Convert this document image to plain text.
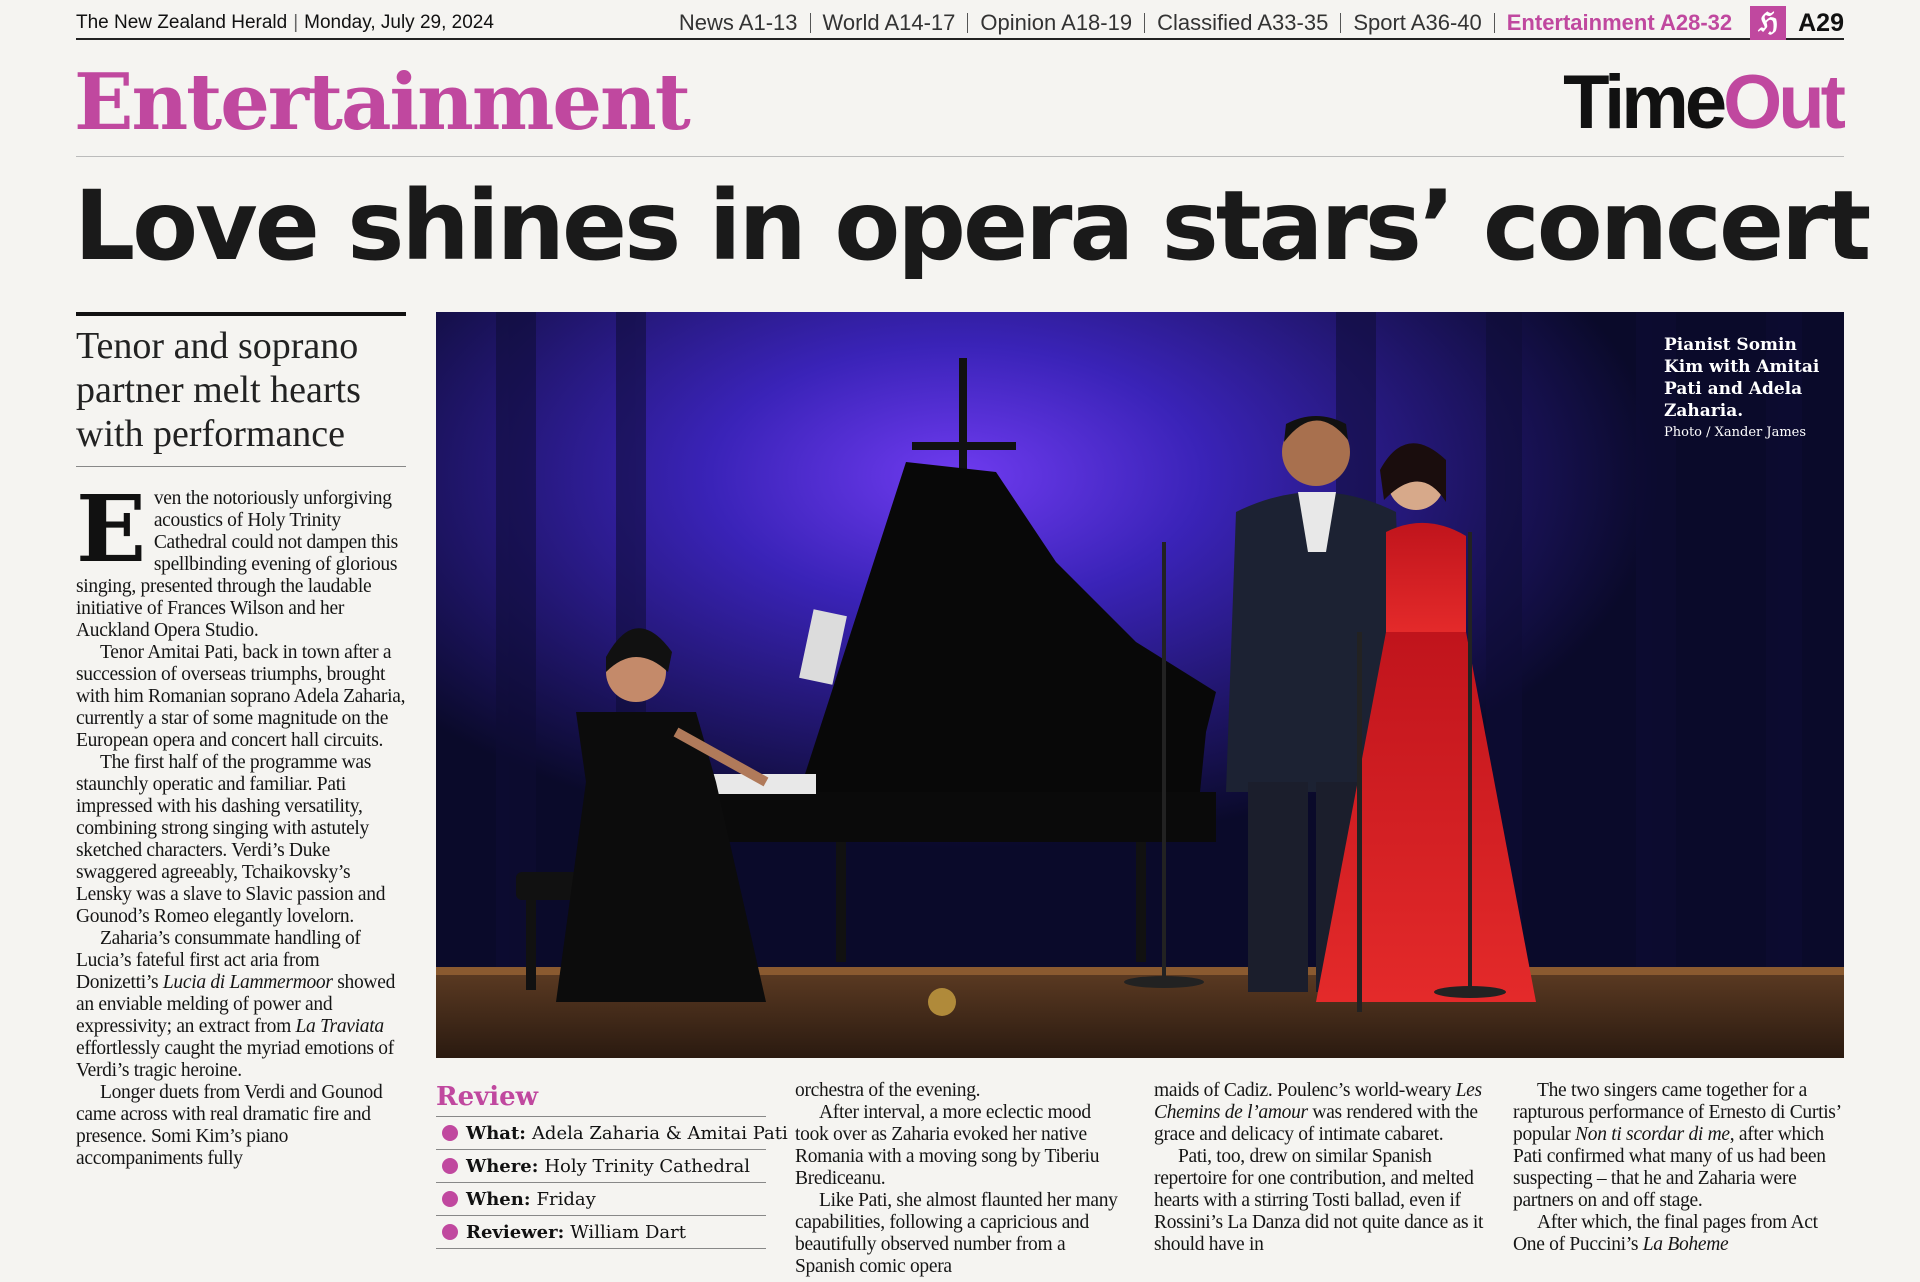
The New Zealand Herald | Monday, July 29, 2024	News A1-13	World A14-17	Opinion A18-19	Classified A33-35	Sport A36-40	Entertainment A28-32	ℌ A29
Entertainment	TimeOut
Love shines in opera stars’ concert
Tenor and soprano partner melt hearts with performance

Even the notoriously unforgiving acoustics of Holy Trinity Cathedral could not dampen this spellbinding evening of glorious singing, presented through the laudable initiative of Frances Wilson and her Auckland Opera Studio.

Tenor Amitai Pati, back in town after a succession of overseas triumphs, brought with him Romanian soprano Adela Zaharia, currently a star of some magnitude on the European opera and concert hall circuits.

The first half of the programme was staunchly operatic and familiar. Pati impressed with his dashing versatility, combining strong singing with astutely sketched characters. Verdi’s Duke swaggered agreeably, Tchaikovsky’s Lensky was a slave to Slavic passion and Gounod’s Romeo elegantly lovelorn.

Zaharia’s consummate handling of Lucia’s fateful first act aria from Donizetti’s Lucia di Lammermoor showed an enviable melding of power and expressivity; an extract from La Traviata effortlessly caught the myriad emotions of Verdi’s tragic heroine.

Longer duets from Verdi and Gounod came across with real dramatic fire and presence. Somi Kim’s piano accompaniments fully

Pianist Somin Kim with Amitai Pati and Adela Zaharia.
Photo / Xander James
Review
What: Adela Zaharia & Amitai Pati
Where: Holy Trinity Cathedral
When: Friday
Reviewer: William Dart

orchestra of the evening.

After interval, a more eclectic mood took over as Zaharia evoked her native Romania with a moving song by Tiberiu Brediceanu.

Like Pati, she almost flaunted her many capabilities, following a capricious and beautifully observed number from a Spanish comic opera

maids of Cadiz. Poulenc’s world-weary Les Chemins de l’amour was rendered with the grace and delicacy of intimate cabaret.

Pati, too, drew on similar Spanish repertoire for one contribution, and melted hearts with a stirring Tosti ballad, even if Rossini’s La Danza did not quite dance as it should have in

The two singers came together for a rapturous performance of Ernesto di Curtis’ popular Non ti scordar di me, after which Pati confirmed what many of us had been suspecting – that he and Zaharia were partners on and off stage.

After which, the final pages from Act One of Puccini’s La Boheme
